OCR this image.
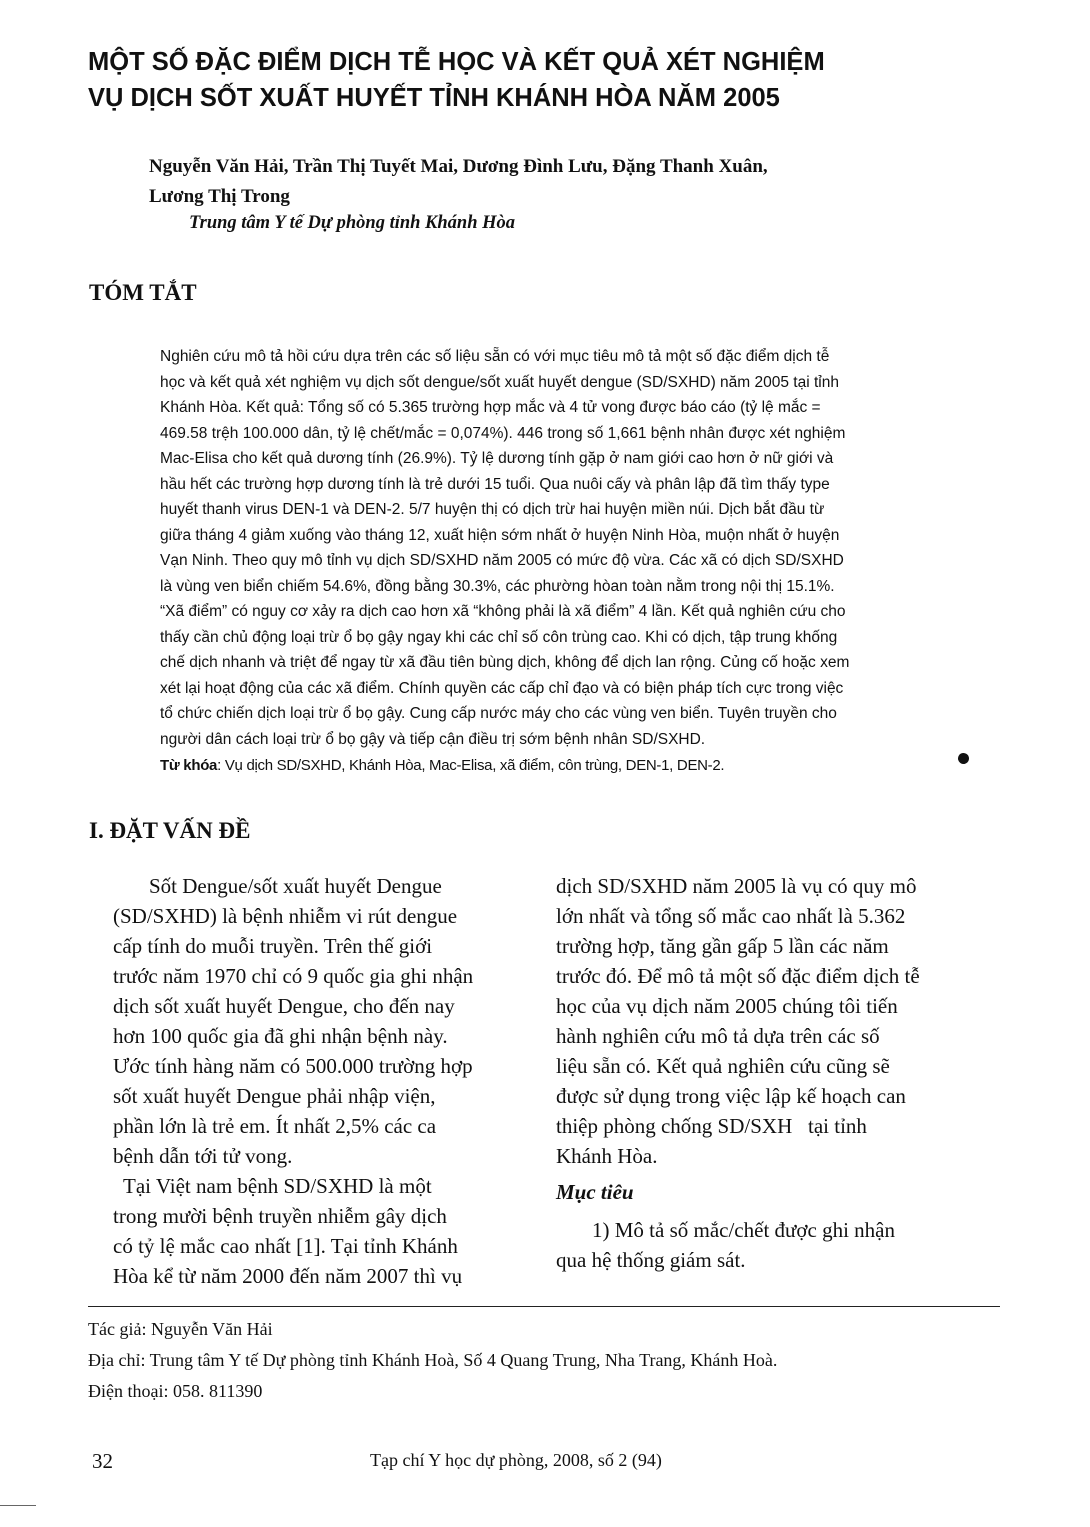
MỘT SỐ ĐẶC ĐIỂM DỊCH TỄ HỌC VÀ KẾT QUẢ XÉT NGHIỆM
VỤ DỊCH SỐT XUẤT HUYẾT TỈNH KHÁNH HÒA NĂM 2005
Nguyễn Văn Hải, Trần Thị Tuyết Mai, Dương Đình Lưu, Đặng Thanh Xuân,
Lương Thị Trong
Trung tâm Y tế Dự phòng tỉnh Khánh Hòa
TÓM TẮT
Nghiên cứu mô tả hồi cứu dựa trên các số liệu sẵn có với mục tiêu mô tả một số đặc điểm dịch tễ
học và kết quả xét nghiệm vụ dịch sốt dengue/sốt xuất huyết dengue (SD/SXHD) năm 2005 tại tỉnh
Khánh Hòa. Kết quả: Tổng số có 5.365 trường hợp mắc và 4 tử vong được báo cáo (tỷ lệ mắc =
469.58 trệh 100.000 dân, tỷ lệ chết/mắc = 0,074%). 446 trong số 1,661 bệnh nhân được xét nghiệm
Mac-Elisa cho kết quả dương tính (26.9%). Tỷ lệ dương tính gặp ở nam giới cao hơn ở nữ giới và
hầu hết các trường hợp dương tính là trẻ dưới 15 tuổi. Qua nuôi cấy và phân lập đã tìm thấy type
huyết thanh virus DEN-1 và DEN-2. 5/7 huyện thị có dịch trừ hai huyện miền núi. Dịch bắt đầu từ
giữa tháng 4 giảm xuống vào tháng 12, xuất hiện sớm nhất ở huyện Ninh Hòa, muộn nhất ở huyện
Vạn Ninh. Theo quy mô tỉnh vụ dịch SD/SXHD năm 2005 có mức độ vừa. Các xã có dịch SD/SXHD
là vùng ven biển chiếm 54.6%, đồng bằng 30.3%, các phường hòan toàn nằm trong nội thị 15.1%.
“Xã điểm” có nguy cơ xảy ra dịch cao hơn xã “không phải là xã điểm” 4 lần. Kết quả nghiên cứu cho
thấy cần chủ động loại trừ ổ bọ gậy ngay khi các chỉ số côn trùng cao. Khi có dịch, tập trung khống
chế dịch nhanh và triệt để ngay từ xã đầu tiên bùng dịch, không để dịch lan rộng. Củng cố hoặc xem
xét lại hoạt động của các xã điểm. Chính quyền các cấp chỉ đạo và có biện pháp tích cực trong việc
tổ chức chiến dịch loại trừ ổ bọ gậy. Cung cấp nước máy cho các vùng ven biển. Tuyên truyền cho
người dân cách loại trừ ổ bọ gậy và tiếp cận điều trị sớm bệnh nhân SD/SXHD.
Từ khóa: Vụ dịch SD/SXHD, Khánh Hòa, Mac-Elisa, xã điểm, côn trùng, DEN-1, DEN-2.
I. ĐẶT VẤN ĐỀ
Sốt Dengue/sốt xuất huyết Dengue
(SD/SXHD) là bệnh nhiễm vi rút dengue
cấp tính do muỗi truyền. Trên thế giới
trước năm 1970 chỉ có 9 quốc gia ghi nhận
dịch sốt xuất huyết Dengue, cho đến nay
hơn 100 quốc gia đã ghi nhận bệnh này.
Ước tính hàng năm có 500.000 trường hợp
sốt xuất huyết Dengue phải nhập viện,
phần lớn là trẻ em. Ít nhất 2,5% các ca
bệnh dẫn tới tử vong.
Tại Việt nam bệnh SD/SXHD là một
trong mười bệnh truyền nhiễm gây dịch
có tỷ lệ mắc cao nhất [1]. Tại tỉnh Khánh
Hòa kể từ năm 2000 đến năm 2007 thì vụ
dịch SD/SXHD năm 2005 là vụ có quy mô
lớn nhất và tổng số mắc cao nhất là 5.362
trường hợp, tăng gần gấp 5 lần các năm
trước đó. Để mô tả một số đặc điểm dịch tễ
học của vụ dịch năm 2005 chúng tôi tiến
hành nghiên cứu mô tả dựa trên các số
liệu sẵn có. Kết quả nghiên cứu cũng sẽ
được sử dụng trong việc lập kế hoạch can
thiệp phòng chống SD/SXH   tại tỉnh
Khánh Hòa.
Mục tiêu
1) Mô tả số mắc/chết được ghi nhận
qua hệ thống giám sát.
Tác giả: Nguyễn Văn Hải
Địa chỉ: Trung tâm Y tế Dự phòng tỉnh Khánh Hoà, Số 4 Quang Trung, Nha Trang, Khánh Hoà.
Điện thoại: 058. 811390
32	Tạp chí Y học dự phòng, 2008, số 2 (94)
